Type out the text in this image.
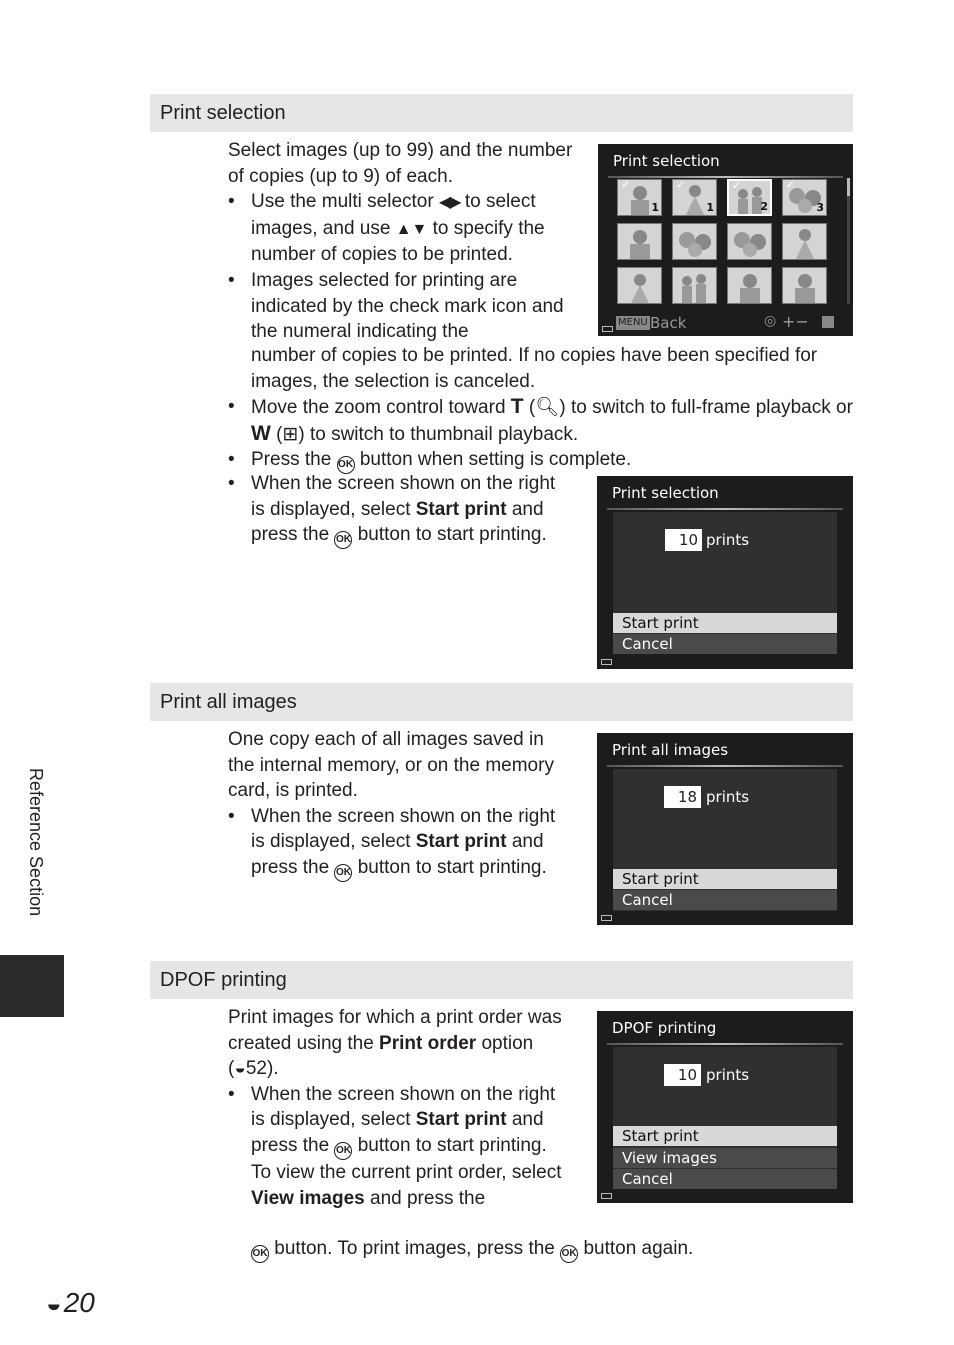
Print selection

Select images (up to 99) and the number of copies (up to 9) of each.

• Use the multi selector ◀▶ to select images, and use ▲▼ to specify the number of copies to be printed.
• Images selected for printing are indicated by the check mark icon and the numeral indicating the

number of copies to be printed. If no copies have been specified for images, the selection is canceled.

• Move the zoom control toward T (🔍︎) to switch to full-frame playback or W (⊞) to switch to thumbnail playback.
• Press the OK button when setting is complete.
• When the screen shown on the right is displayed, select Start print and press the OK button to start printing.
Print selection
✓
1
✓
1
✓
2
✓
3
MENU Back	◎ +−
Print selection
10 prints
Start print
Cancel
Print all images

One copy each of all images saved in the internal memory, or on the memory card, is printed.

• When the screen shown on the right is displayed, select Start print and press the OK button to start printing.
Print all images
18 prints
Start print
Cancel
DPOF printing

Print images for which a print order was created using the Print order option (◒52).

• When the screen shown on the right is displayed, select Start print and press the OK button to start printing.
To view the current print order, select View images and press the
OK button. To print images, press the OK button again.
DPOF printing
10 prints
Start print
View images
Cancel
Reference Section
◒ 20
